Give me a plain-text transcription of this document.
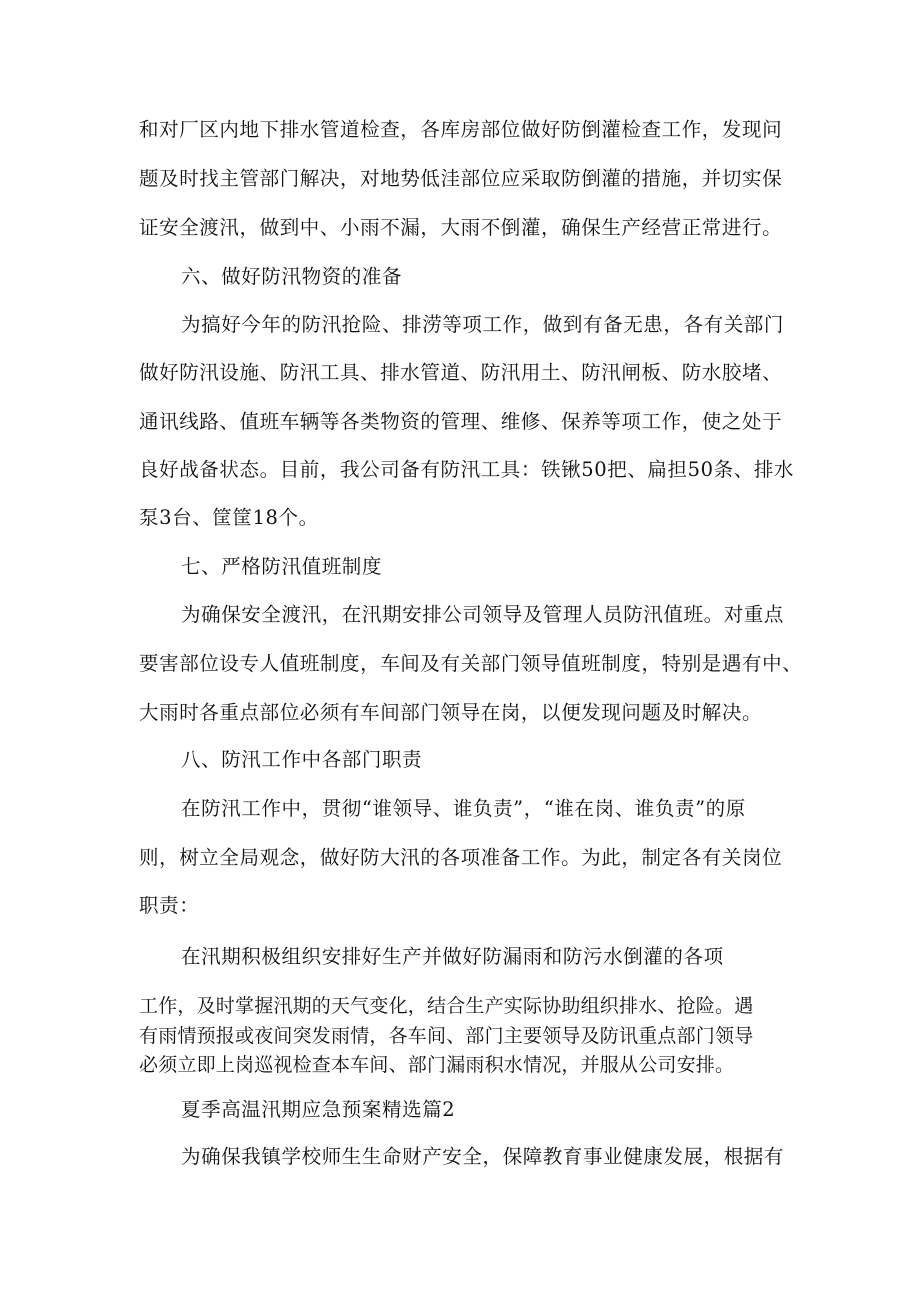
和对厂区内地下排水管道检查，各库房部位做好防倒灌检查工作，发现问
题及时找主管部门解决，对地势低洼部位应采取防倒灌的措施，并切实保
证安全渡汛，做到中、小雨不漏，大雨不倒灌，确保生产经营正常进行。
六、做好防汛物资的准备
为搞好今年的防汛抢险、排涝等项工作，做到有备无患，各有关部门
做好防汛设施、防汛工具、排水管道、防汛用土、防汛闸板、防水胶堵、
通讯线路、值班车辆等各类物资的管理、维修、保养等项工作，使之处于
良好战备状态。目前，我公司备有防汛工具：铁锹50把、扁担50条、排水
泵3台、筐筐18个。
七、严格防汛值班制度
为确保安全渡汛，在汛期安排公司领导及管理人员防汛值班。对重点
要害部位设专人值班制度，车间及有关部门领导值班制度，特别是遇有中、
大雨时各重点部位必须有车间部门领导在岗，以便发现问题及时解决。
八、防汛工作中各部门职责
在防汛工作中，贯彻“谁领导、谁负责”，“谁在岗、谁负责”的原
则，树立全局观念，做好防大汛的各项准备工作。为此，制定各有关岗位
职责：
在汛期积极组织安排好生产并做好防漏雨和防污水倒灌的各项
工作，及时掌握汛期的天气变化，结合生产实际协助组织排水、抢险。遇
有雨情预报或夜间突发雨情，各车间、部门主要领导及防讯重点部门领导
必须立即上岗巡视检查本车间、部门漏雨积水情况，并服从公司安排。
夏季高温汛期应急预案精选篇2
为确保我镇学校师生生命财产安全，保障教育事业健康发展，根据有
